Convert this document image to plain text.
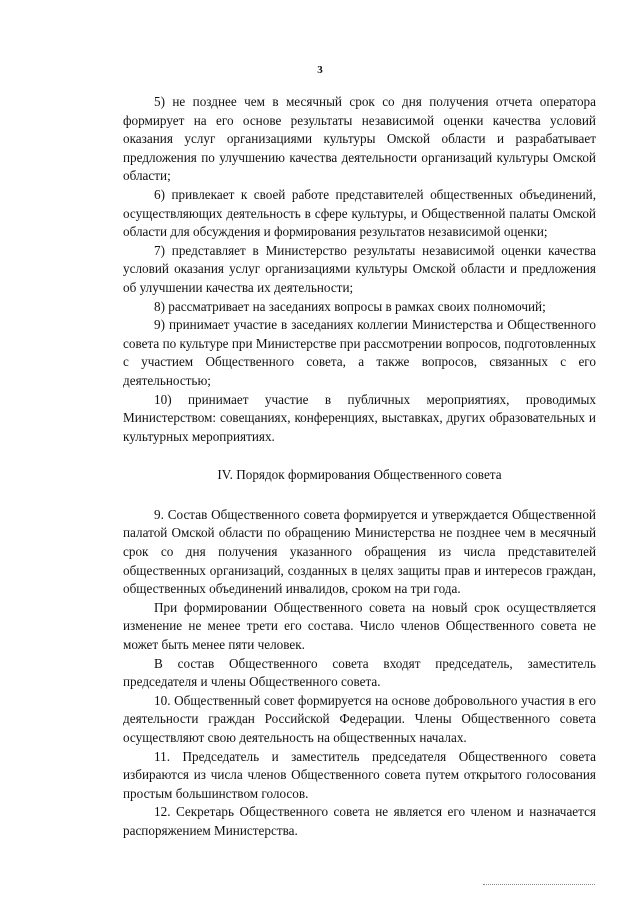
3

5) не позднее чем в месячный срок со дня получения отчета оператора формирует на его основе результаты независимой оценки качества условий оказания услуг организациями культуры Омской области и разрабатывает предложения по улучшению качества деятельности организаций культуры Омской области;

6) привлекает к своей работе представителей общественных объединений, осуществляющих деятельность в сфере культуры, и Общественной палаты Омской области для обсуждения и формирования результатов независимой оценки;

7) представляет в Министерство результаты независимой оценки качества условий оказания услуг организациями культуры Омской области и предложения об улучшении качества их деятельности;

8) рассматривает на заседаниях вопросы в рамках своих полномочий;

9) принимает участие в заседаниях коллегии Министерства и Общественного совета по культуре при Министерстве при рассмотрении вопросов, подготовленных с участием Общественного совета, а также вопросов, связанных с его деятельностью;

10) принимает участие в публичных мероприятиях, проводимых Министерством: совещаниях, конференциях, выставках, других образовательных и культурных мероприятиях.

IV. Порядок формирования Общественного совета

9. Состав Общественного совета формируется и утверждается Общественной палатой Омской области по обращению Министерства не позднее чем в месячный срок со дня получения указанного обращения из числа представителей общественных организаций, созданных в целях защиты прав и интересов граждан, общественных объединений инвалидов, сроком на три года.

При формировании Общественного совета на новый срок осуществляется изменение не менее трети его состава. Число членов Общественного совета не может быть менее пяти человек.

В состав Общественного совета входят председатель, заместитель председателя и члены Общественного совета.

10. Общественный совет формируется на основе добровольного участия в его деятельности граждан Российской Федерации. Члены Общественного совета осуществляют свою деятельность на общественных началах.

11. Председатель и заместитель председателя Общественного совета избираются из числа членов Общественного совета путем открытого голосования простым большинством голосов.

12. Секретарь Общественного совета не является его членом и назначается распоряжением Министерства.
